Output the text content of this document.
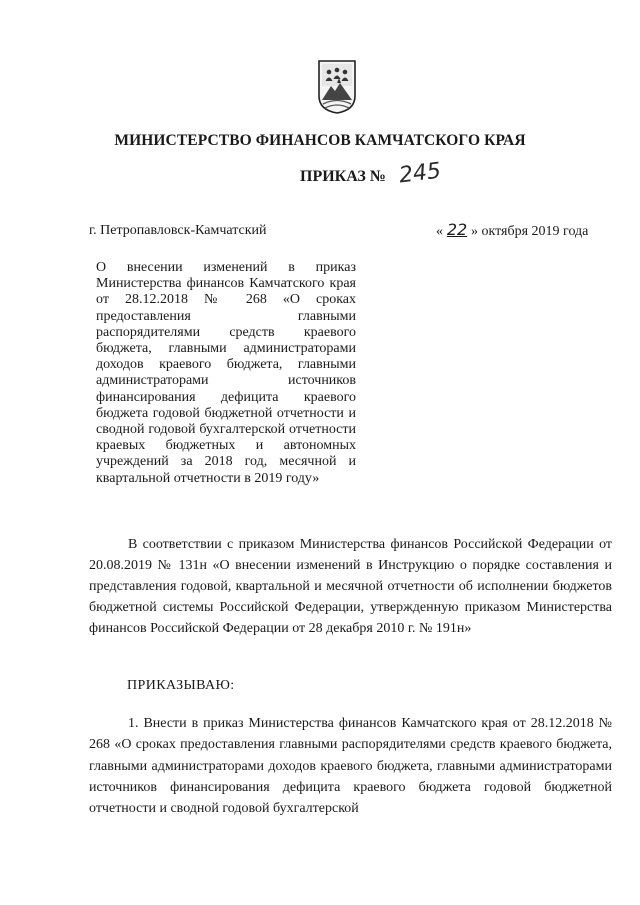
МИНИСТЕРСТВО ФИНАНСОВ КАМЧАТСКОГО КРАЯ
ПРИКАЗ № 245
г. Петропавловск-Камчатский	« 22 » октября 2019 года
О внесении изменений в приказ Министерства финансов Камчатского края от 28.12.2018 № 268 «О сроках предоставления главными распорядителями средств краевого бюджета, главными администраторами доходов краевого бюджета, главными администраторами источников финансирования дефицита краевого бюджета годовой бюджетной отчетности и сводной годовой бухгалтерской отчетности краевых бюджетных и автономных учреждений за 2018 год, месячной и квартальной отчетности в 2019 году»
В соответствии с приказом Министерства финансов Российской Федерации от 20.08.2019 № 131н «О внесении изменений в Инструкцию о порядке составления и представления годовой, квартальной и месячной отчетности об исполнении бюджетов бюджетной системы Российской Федерации, утвержденную приказом Министерства финансов Российской Федерации от 28 декабря 2010 г. № 191н»
ПРИКАЗЫВАЮ:
1. Внести в приказ Министерства финансов Камчатского края от 28.12.2018 № 268 «О сроках предоставления главными распорядителями средств краевого бюджета, главными администраторами доходов краевого бюджета, главными администраторами источников финансирования дефицита краевого бюджета годовой бюджетной отчетности и сводной годовой бухгалтерской
